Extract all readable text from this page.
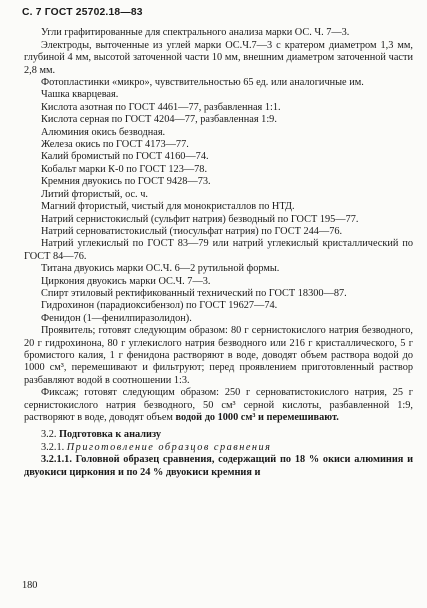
С. 7 ГОСТ 25702.18—83

Угли графитированные для спектрального анализа марки ОС. Ч. 7—3.

Электроды, выточенные из углей марки ОС.Ч.7—3 с кратером диаметром 1,3 мм, глубиной 4 мм, высотой заточенной части 10 мм, внешним диаметром заточенной части 2,8 мм.

Фотопластинки «микро», чувствительностью 65 ед. или аналогичные им.

Чашка кварцевая.

Кислота азотная по ГОСТ 4461—77, разбавленная 1:1.

Кислота серная по ГОСТ 4204—77, разбавленная 1:9.

Алюминия окись безводная.

Железа окись по ГОСТ 4173—77.

Калий бромистый по ГОСТ 4160—74.

Кобальт марки К-0 по ГОСТ 123—78.

Кремния двуокись по ГОСТ 9428—73.

Литий фтористый, ос. ч.

Магний фтористый, чистый для монокристаллов по НТД.

Натрий сернистокислый (сульфит натрия) безводный по ГОСТ 195—77.

Натрий серноватистокислый (тиосульфат натрия) по ГОСТ 244—76.

Натрий углекислый по ГОСТ 83—79 или натрий углекислый кристаллический по ГОСТ 84—76.

Титана двуокись марки ОС.Ч. 6—2 рутильной формы.

Циркония двуокись марки ОС.Ч. 7—3.

Спирт этиловый ректификованный технический по ГОСТ 18300—87.

Гидрохинон (парадиоксибензол) по ГОСТ 19627—74.

Фенидон (1—фенилпиразолидон).

Проявитель; готовят следующим образом: 80 г сернистокислого натрия безводного, 20 г гидрохинона, 80 г углекислого натрия безводного или 216 г кристаллического, 5 г бромистого калия, 1 г фенидона растворяют в воде, доводят объем раствора водой до 1000 см³, перемешивают и фильтруют; перед проявлением приготовленный раствор разбавляют водой в соотношении 1:3.

Фиксаж; готовят следующим образом: 250 г серноватистокислого натрия, 25 г сернистокислого натрия безводного, 50 см³ серной кислоты, разбавленной 1:9, растворяют в воде, доводят объем водой до 1000 см³ и перемешивают.

3.2. Подготовка к анализу

3.2.1. Приготовление образцов сравнения

3.2.1.1. Головной образец сравнения, содержащий по 18 % окиси алюминия и двуокиси циркония и по 24 % двуокиси кремния и

180
